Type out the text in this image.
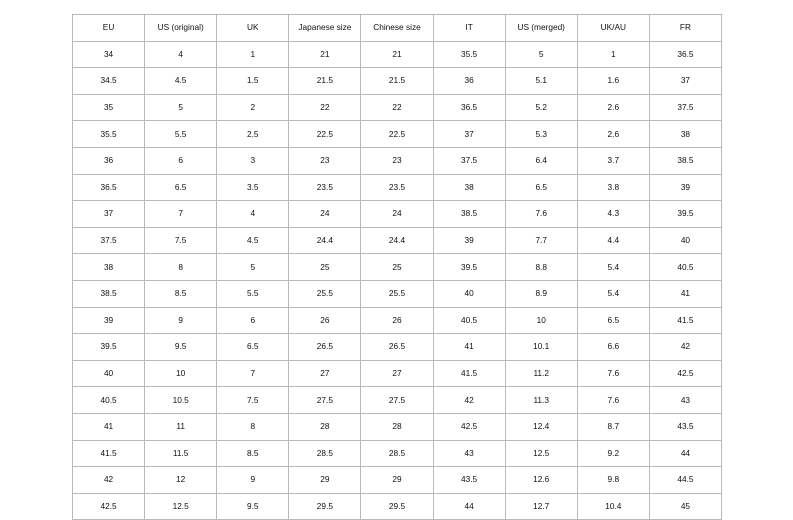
EU	US (original)	UK	Japanese size	Chinese size	IT	US (merged)	UK/AU	FR
34	4	1	21	21	35.5	5	1	36.5
34.5	4.5	1.5	21.5	21.5	36	5.1	1.6	37
35	5	2	22	22	36.5	5.2	2.6	37.5
35.5	5.5	2.5	22.5	22.5	37	5.3	2.6	38
36	6	3	23	23	37.5	6.4	3.7	38.5
36.5	6.5	3.5	23.5	23.5	38	6.5	3.8	39
37	7	4	24	24	38.5	7.6	4.3	39.5
37.5	7.5	4.5	24.4	24.4	39	7.7	4.4	40
38	8	5	25	25	39.5	8.8	5.4	40.5
38.5	8.5	5.5	25.5	25.5	40	8.9	5.4	41
39	9	6	26	26	40.5	10	6.5	41.5
39.5	9.5	6.5	26.5	26.5	41	10.1	6.6	42
40	10	7	27	27	41.5	11.2	7.6	42.5
40.5	10.5	7.5	27.5	27.5	42	11.3	7.6	43
41	11	8	28	28	42.5	12.4	8.7	43.5
41.5	11.5	8.5	28.5	28.5	43	12.5	9.2	44
42	12	9	29	29	43.5	12.6	9.8	44.5
42.5	12.5	9.5	29.5	29.5	44	12.7	10.4	45
